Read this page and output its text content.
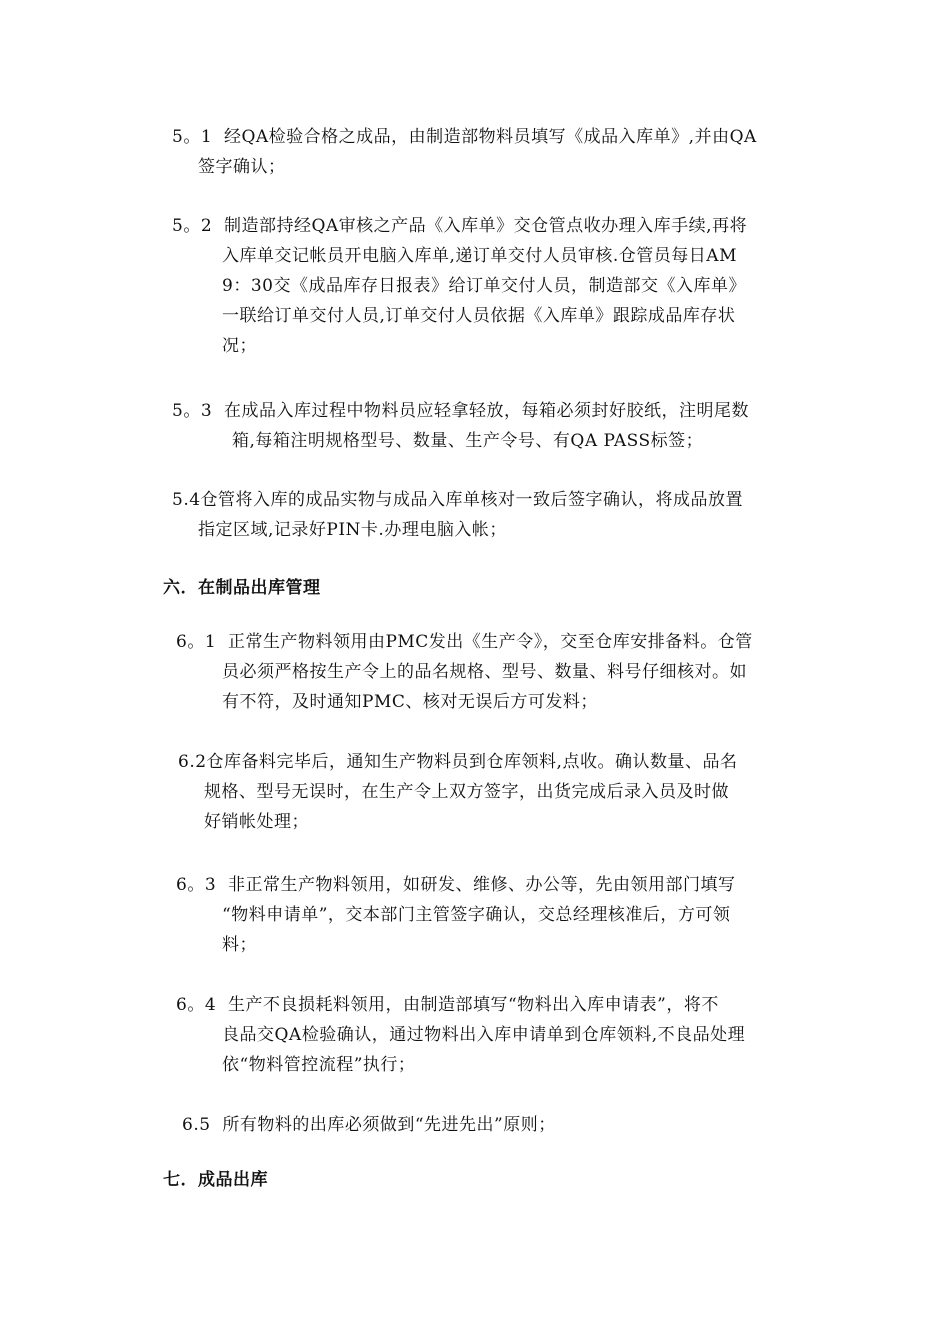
5。1  经QA检验合格之成品，由制造部物料员填写《成品入库单》,并由QA
签字确认；
5。2  制造部持经QA审核之产品《入库单》交仓管点收办理入库手续,再将
入库单交记帐员开电脑入库单,递订单交付人员审核.仓管员每日AM
9：30交《成品库存日报表》给订单交付人员，制造部交《入库单》
一联给订单交付人员,订单交付人员依据《入库单》跟踪成品库存状
况；
5。3  在成品入库过程中物料员应轻拿轻放，每箱必须封好胶纸，注明尾数
箱,每箱注明规格型号、数量、生产令号、有QA PASS标签；
5.4仓管将入库的成品实物与成品入库单核对一致后签字确认，将成品放置
指定区域,记录好PIN卡.办理电脑入帐；
六．在制品出库管理
6。1  正常生产物料领用由PMC发出《生产令》，交至仓库安排备料。仓管
员必须严格按生产令上的品名规格、型号、数量、料号仔细核对。如
有不符，及时通知PMC、核对无误后方可发料；
6.2仓库备料完毕后，通知生产物料员到仓库领料,点收。确认数量、品名
规格、型号无误时，在生产令上双方签字，出货完成后录入员及时做
好销帐处理；
6。3  非正常生产物料领用，如研发、维修、办公等，先由领用部门填写
“物料申请单”，交本部门主管签字确认，交总经理核准后，方可领
料；
6。4  生产不良损耗料领用，由制造部填写“物料出入库申请表”，将不
良品交QA检验确认，通过物料出入库申请单到仓库领料,不良品处理
依“物料管控流程”执行；
6.5  所有物料的出库必须做到“先进先出”原则；
七．成品出库
